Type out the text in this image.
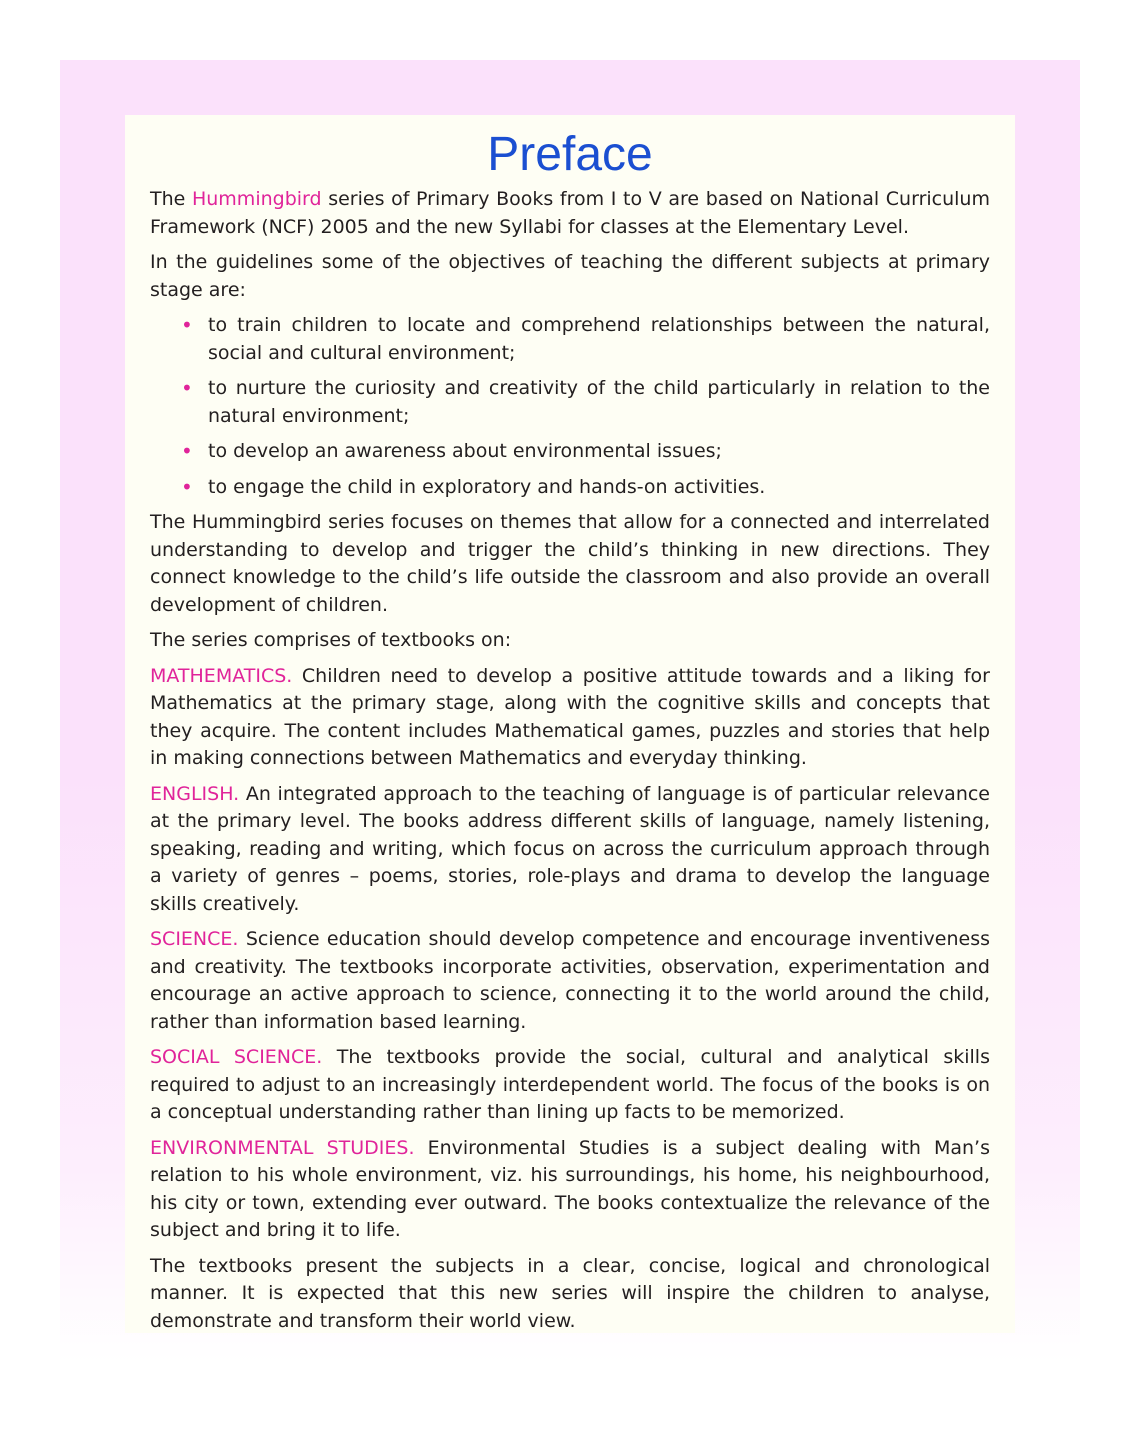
Preface

The Hummingbird series of Primary Books from I to V are based on National Curriculum Framework (NCF) 2005 and the new Syllabi for classes at the Elementary Level.

In the guidelines some of the objectives of teaching the different subjects at primary stage are:

• to train children to locate and comprehend relationships between the natural, social and cultural environment;
• to nurture the curiosity and creativity of the child particularly in relation to the natural environment;
• to develop an awareness about environmental issues;
• to engage the child in exploratory and hands-on activities.

The Hummingbird series focuses on themes that allow for a connected and interrelated understanding to develop and trigger the child’s thinking in new directions. They connect knowledge to the child’s life outside the classroom and also provide an overall development of children.

The series comprises of textbooks on:

MATHEMATICS. Children need to develop a positive attitude towards and a liking for Mathematics at the primary stage, along with the cognitive skills and concepts that they acquire. The content includes Mathematical games, puzzles and stories that help in making connections between Mathematics and everyday thinking.

ENGLISH. An integrated approach to the teaching of language is of particular relevance at the primary level. The books address different skills of language, namely listening, speaking, reading and writing, which focus on across the curriculum approach through a variety of genres – poems, stories, role-plays and drama to develop the language skills creatively.

SCIENCE. Science education should develop competence and encourage inventiveness and creativity. The textbooks incorporate activities, observation, experimentation and encourage an active approach to science, connecting it to the world around the child, rather than information based learning.

SOCIAL SCIENCE. The textbooks provide the social, cultural and analytical skills required to adjust to an increasingly interdependent world. The focus of the books is on a conceptual understanding rather than lining up facts to be memorized.

ENVIRONMENTAL STUDIES. Environmental Studies is a subject dealing with Man’s relation to his whole environment, viz. his surroundings, his home, his neighbourhood, his city or town, extending ever outward. The books contextualize the relevance of the subject and bring it to life.

The textbooks present the subjects in a clear, concise, logical and chronological manner. It is expected that this new series will inspire the children to analyse, demonstrate and transform their world view.
